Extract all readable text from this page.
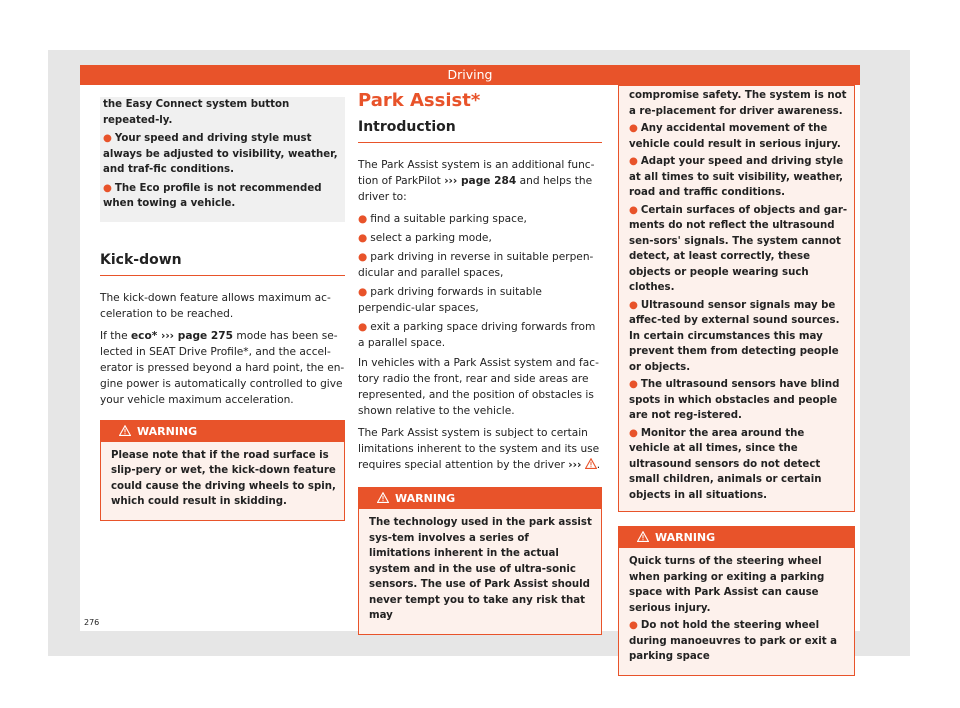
Driving

the Easy Connect system button repeated-ly.

● Your speed and driving style must always be adjusted to visibility, weather, and traf-fic conditions.

● The Eco profile is not recommended when towing a vehicle.

Kick-down

The kick-down feature allows maximum ac-celeration to be reached.

If the eco* ››› page 275 mode has been se-lected in SEAT Drive Profile*, and the accel-erator is pressed beyond a hard point, the en-gine power is automatically controlled to give your vehicle maximum acceleration.

WARNING

Please note that if the road surface is slip-pery or wet, the kick-down feature could cause the driving wheels to spin, which could result in skidding.

Park Assist*
Introduction

The Park Assist system is an additional func-tion of ParkPilot ››› page 284 and helps the driver to:

● find a suitable parking space,
● select a parking mode,
● park driving in reverse in suitable perpen-dicular and parallel spaces,
● park driving forwards in suitable perpendic-ular spaces,
● exit a parking space driving forwards from a parallel space.

In vehicles with a Park Assist system and fac-tory radio the front, rear and side areas are represented, and the position of obstacles is shown relative to the vehicle.

The Park Assist system is subject to certain limitations inherent to the system and its use requires special attention by the driver ››› .

WARNING

The technology used in the park assist sys-tem involves a series of limitations inherent in the actual system and in the use of ultra-sonic sensors. The use of Park Assist should never tempt you to take any risk that may

compromise safety. The system is not a re-placement for driver awareness.

● Any accidental movement of the vehicle could result in serious injury.

● Adapt your speed and driving style at all times to suit visibility, weather, road and traffic conditions.

● Certain surfaces of objects and gar-ments do not reflect the ultrasound sen-sors' signals. The system cannot detect, at least correctly, these objects or people wearing such clothes.

● Ultrasound sensor signals may be affec-ted by external sound sources. In certain circumstances this may prevent them from detecting people or objects.

● The ultrasound sensors have blind spots in which obstacles and people are not reg-istered.

● Monitor the area around the vehicle at all times, since the ultrasound sensors do not detect small children, animals or certain objects in all situations.

WARNING

Quick turns of the steering wheel when parking or exiting a parking space with Park Assist can cause serious injury.

● Do not hold the steering wheel during manoeuvres to park or exit a parking space

276
